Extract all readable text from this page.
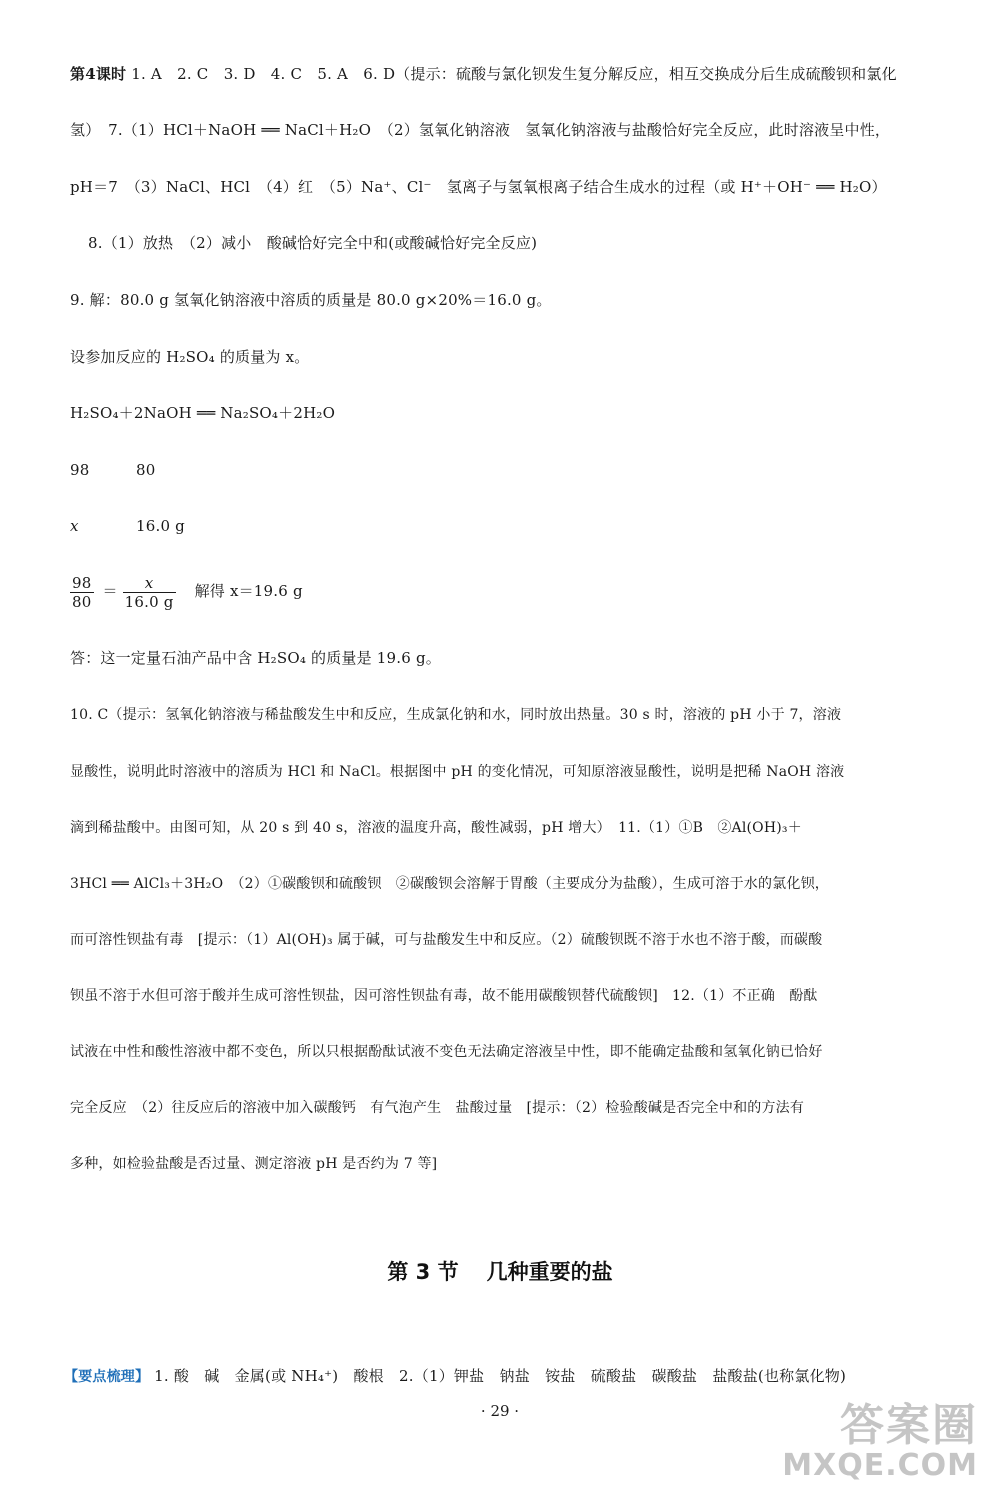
第4课时 1. A　2. C　3. D　4. C　5. A　6. D（提示：硫酸与氯化钡发生复分解反应，相互交换成分后生成硫酸钡和氯化
氢）　7.（1）HCl＋NaOH ══ NaCl＋H₂O　（2）氢氧化钠溶液　氢氧化钠溶液与盐酸恰好完全反应，此时溶液呈中性，
pH＝7　（3）NaCl、HCl　（4）红　（5）Na⁺、Cl⁻　氢离子与氢氧根离子结合生成水的过程（或 H⁺＋OH⁻ ══ H₂O）
8.（1）放热　（2）减小　酸碱恰好完全中和(或酸碱恰好完全反应)
9. 解：80.0 g 氢氧化钠溶液中溶质的质量是 80.0 g×20%＝16.0 g。
设参加反应的 H₂SO₄ 的质量为 x。
H₂SO₄＋2NaOH ══ Na₂SO₄＋2H₂O
98	80
x	16.0 g
$\frac{98}{80} = \frac{x}{16.0 g}$ 解得 x＝19.6 g
答：这一定量石油产品中含 H₂SO₄ 的质量是 19.6 g。
10. C（提示：氢氧化钠溶液与稀盐酸发生中和反应，生成氯化钠和水，同时放出热量。30 s 时，溶液的 pH 小于 7，溶液
显酸性，说明此时溶液中的溶质为 HCl 和 NaCl。根据图中 pH 的变化情况，可知原溶液显酸性，说明是把稀 NaOH 溶液
滴到稀盐酸中。由图可知，从 20 s 到 40 s，溶液的温度升高，酸性减弱，pH 增大）　11.（1）①B　②Al(OH)₃＋
3HCl ══ AlCl₃＋3H₂O　（2）①碳酸钡和硫酸钡　②碳酸钡会溶解于胃酸（主要成分为盐酸），生成可溶于水的氯化钡，
而可溶性钡盐有毒　[提示：（1）Al(OH)₃ 属于碱，可与盐酸发生中和反应。（2）硫酸钡既不溶于水也不溶于酸，而碳酸
钡虽不溶于水但可溶于酸并生成可溶性钡盐，因可溶性钡盐有毒，故不能用碳酸钡替代硫酸钡]　12.（1）不正确　酚酞
试液在中性和酸性溶液中都不变色，所以只根据酚酞试液不变色无法确定溶液呈中性，即不能确定盐酸和氢氧化钠已恰好
完全反应　（2）往反应后的溶液中加入碳酸钙　有气泡产生　盐酸过量　[提示：（2）检验酸碱是否完全中和的方法有
多种，如检验盐酸是否过量、测定溶液 pH 是否约为 7 等]
第 3 节 几种重要的盐
【要点梳理】 1. 酸　碱　金属(或 NH₄⁺)　酸根　2.（1）钾盐　钠盐　铵盐　硫酸盐　碳酸盐　盐酸盐(也称氯化物)
· 29 ·	答案圈
MXQE.COM
